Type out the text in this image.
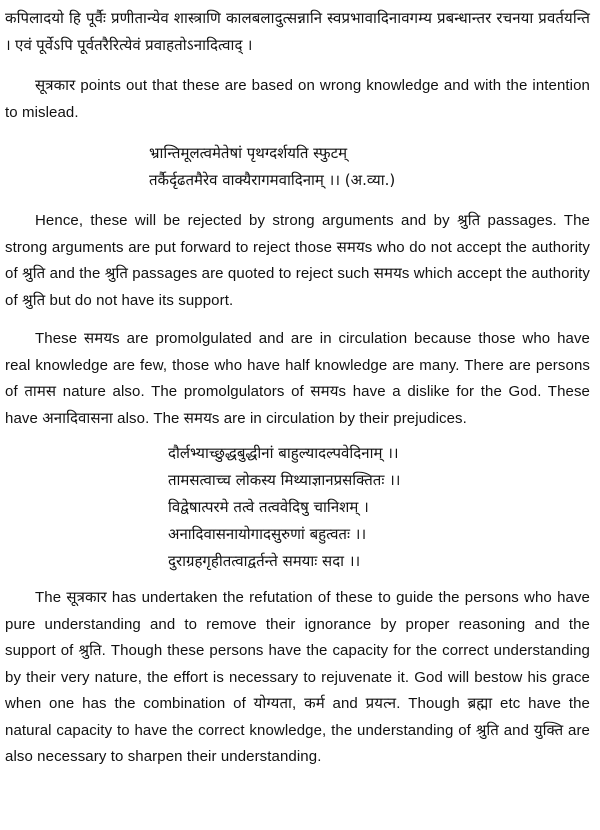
कपिलादयो हि पूर्वैः प्रणीतान्येव शास्त्राणि कालबलादुत्सन्नानि स्वप्रभावादिनावगम्य प्रबन्धान्तर रचनया प्रवर्तयन्ति । एवं पूर्वेऽपि पूर्वतरैरित्येवं प्रवाहतोऽनादित्वाद् ।

सूत्रकार points out that these are based on wrong knowledge and with the intention to mislead.

भ्रान्तिमूलत्वमेतेषां पृथग्दर्शयति स्फुटम्

तर्कैर्दृढतमैरेव वाक्यैरागमवादिनाम् ।। (अ.व्या.)

Hence, these will be rejected by strong arguments and by श्रुति passages. The strong arguments are put forward to reject those समयs who do not accept the authority of श्रुति and the श्रुति passages are quoted to reject such समयs which accept the authority of श्रुति but do not have its support.

These समयs are promolgulated and are in circulation because those who have real knowledge are few, those who have half knowledge are many. There are persons of तामस nature also. The promolgulators of समयs have a dislike for the God. These have अनादिवासना also. The समयs are in circulation by their prejudices.

दौर्लभ्याच्छुद्धबुद्धीनां बाहुल्यादल्पवेदिनाम् ।।

तामसत्वाच्च लोकस्य मिथ्याज्ञानप्रसक्तितः ।।

विद्वेषात्परमे तत्वे तत्ववेदिषु चानिशम् ।

अनादिवासनायोगादसुरुणां बहुत्वतः ।।

दुराग्रहगृहीतत्वाद्वर्तन्ते समयाः सदा ।।

The सूत्रकार has undertaken the refutation of these to guide the persons who have pure understanding and to remove their ignorance by proper reasoning and the support of श्रुति. Though these persons have the capacity for the correct understanding by their very nature, the effort is necessary to rejuvenate it. God will bestow his grace when one has the combination of योग्यता, कर्म and प्रयत्न. Though ब्रह्मा etc have the natural capacity to have the correct knowledge, the understanding of श्रुति and युक्ति are also necessary to sharpen their understanding.
